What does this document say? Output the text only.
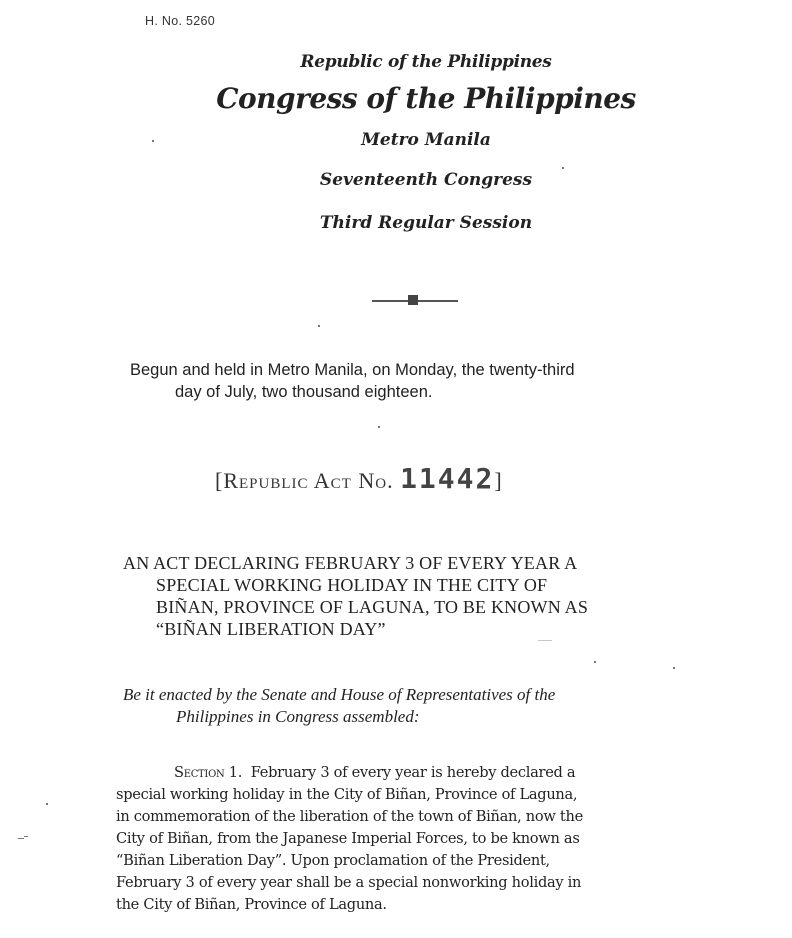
H. No. 5260
Republic of the Philippines
Congress of the Philippines
Metro Manila
Seventeenth Congress
Third Regular Session
Begun and held in Metro Manila, on Monday, the twenty-third
day of July, two thousand eighteen.
[Republic Act No. 11442]
AN ACT DECLARING FEBRUARY 3 OF EVERY YEAR A
SPECIAL WORKING HOLIDAY IN THE CITY OF
BIÑAN, PROVINCE OF LAGUNA, TO BE KNOWN AS
“BIÑAN LIBERATION DAY”
Be it enacted by the Senate and House of Representatives of the
Philippines in Congress assembled:
Section 1. February 3 of every year is hereby declared a
special working holiday in the City of Biñan, Province of Laguna,
in commemoration of the liberation of the town of Biñan, now the
City of Biñan, from the Japanese Imperial Forces, to be known as
“Biñan Liberation Day”. Upon proclamation of the President,
February 3 of every year shall be a special nonworking holiday in
the City of Biñan, Province of Laguna.
